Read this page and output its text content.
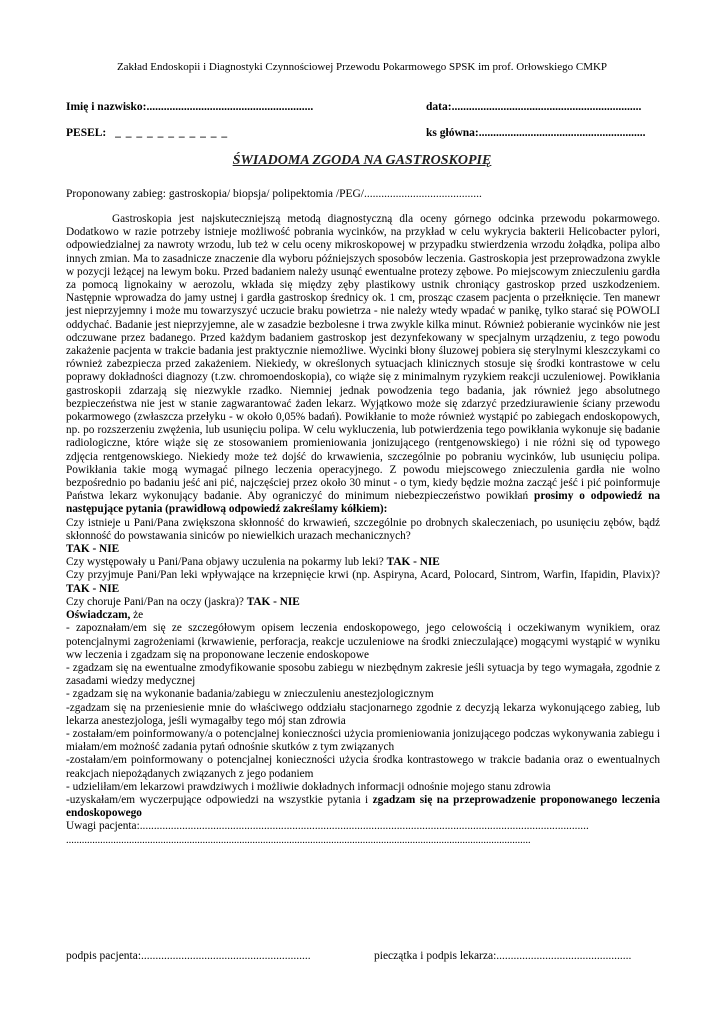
Zakład Endoskopii i Diagnostyki Czynnościowej Przewodu Pokarmowego SPSK im prof. Orłowskiego CMKP
Imię i nazwisko:..........................................................	data:..................................................................
PESEL: _ _ _ _ _ _ _ _ _ _ _	ks główna:..........................................................
ŚWIADOMA ZGODA NA GASTROSKOPIĘ
Proponowany zabieg: gastroskopia/ biopsja/ polipektomia /PEG/.........................................

Gastroskopia jest najskuteczniejszą metodą diagnostyczną dla oceny górnego odcinka przewodu pokarmowego. Dodatkowo w razie potrzeby istnieje możliwość pobrania wycinków, na przykład w celu wykrycia bakterii Helicobacter pylori, odpowiedzialnej za nawroty wrzodu, lub też w celu oceny mikroskopowej w przypadku stwierdzenia wrzodu żołądka, polipa albo innych zmian. Ma to zasadnicze znaczenie dla wyboru późniejszych sposobów leczenia. Gastroskopia jest przeprowadzona zwykle w pozycji leżącej na lewym boku. Przed badaniem należy usunąć ewentualne protezy zębowe. Po miejscowym znieczuleniu gardła za pomocą lignokainy w aerozolu, wkłada się między zęby plastikowy ustnik chroniący gastroskop przed uszkodzeniem. Następnie wprowadza do jamy ustnej i gardła gastroskop średnicy ok. 1 cm, prosząc czasem pacjenta o przełknięcie. Ten manewr jest nieprzyjemny i może mu towarzyszyć uczucie braku powietrza - nie należy wtedy wpadać w panikę, tylko starać się POWOLI oddychać. Badanie jest nieprzyjemne, ale w zasadzie bezbolesne i trwa zwykle kilka minut. Również pobieranie wycinków nie jest odczuwane przez badanego. Przed każdym badaniem gastroskop jest dezynfekowany w specjalnym urządzeniu, z tego powodu zakażenie pacjenta w trakcie badania jest praktycznie niemożliwe. Wycinki błony śluzowej pobiera się sterylnymi kleszczykami co również zabezpiecza przed zakażeniem. Niekiedy, w określonych sytuacjach klinicznych stosuje się środki kontrastowe w celu poprawy dokładności diagnozy (t.zw. chromoendoskopia), co wiąże się z minimalnym ryzykiem reakcji uczuleniowej. Powikłania gastroskopii zdarzają się niezwykle rzadko. Niemniej jednak powodzenia tego badania, jak również jego absolutnego bezpieczeństwa nie jest w stanie zagwarantować żaden lekarz. Wyjątkowo może się zdarzyć przedziurawienie ściany przewodu pokarmowego (zwłaszcza przełyku - w około 0,05% badań). Powikłanie to może również wystąpić po zabiegach endoskopowych, np. po rozszerzeniu zwężenia, lub usunięciu polipa. W celu wykluczenia, lub potwierdzenia tego powikłania wykonuje się badanie radiologiczne, które wiąże się ze stosowaniem promieniowania jonizującego (rentgenowskiego) i nie różni się od typowego zdjęcia rentgenowskiego. Niekiedy może też dojść do krwawienia, szczególnie po pobraniu wycinków, lub usunięciu polipa. Powikłania takie mogą wymagać pilnego leczenia operacyjnego. Z powodu miejscowego znieczulenia gardła nie wolno bezpośrednio po badaniu jeść ani pić, najczęściej przez około 30 minut - o tym, kiedy będzie można zacząć jeść i pić poinformuje Państwa lekarz wykonujący badanie. Aby ograniczyć do minimum niebezpieczeństwo powikłań prosimy o odpowiedź na następujące pytania (prawidłową odpowiedź zakreślamy kółkiem):

Czy istnieje u Pani/Pana zwiększona skłonność do krwawień, szczególnie po drobnych skaleczeniach, po usunięciu zębów, bądź skłonność do powstawania siniców po niewielkich urazach mechanicznych?

TAK - NIE

Czy występowały u Pani/Pana objawy uczulenia na pokarmy lub leki? TAK - NIE

Czy przyjmuje Pani/Pan leki wpływające na krzepnięcie krwi (np. Aspiryna, Acard, Polocard, Sintrom, Warfin, Ifapidin, Plavix)? TAK - NIE

Czy choruje Pani/Pan na oczy (jaskra)? TAK - NIE

Oświadczam, że

- zapoznałam/em się ze szczegółowym opisem leczenia endoskopowego, jego celowością i oczekiwanym wynikiem, oraz potencjalnymi zagrożeniami (krwawienie, perforacja, reakcje uczuleniowe na środki znieczulające) mogącymi wystąpić w wyniku ww leczenia i zgadzam się na proponowane leczenie endoskopowe

- zgadzam się na ewentualne zmodyfikowanie sposobu zabiegu w niezbędnym zakresie jeśli sytuacja by tego wymagała, zgodnie z zasadami wiedzy medycznej

- zgadzam się na wykonanie badania/zabiegu w znieczuleniu anestezjologicznym

-zgadzam się na przeniesienie mnie do właściwego oddziału stacjonarnego zgodnie z decyzją lekarza wykonującego zabieg, lub lekarza anestezjologa, jeśli wymagałby tego mój stan zdrowia

- zostałam/em poinformowany/a o potencjalnej konieczności użycia promieniowania jonizującego podczas wykonywania zabiegu i miałam/em możność zadania pytań odnośnie skutków z tym związanych

-zostałam/em poinformowany o potencjalnej konieczności użycia środka kontrastowego w trakcie badania oraz o ewentualnych reakcjach niepożądanych związanych z jego podaniem

- udzieliłam/em lekarzowi prawdziwych i możliwie dokładnych informacji odnośnie mojego stanu zdrowia

-uzyskałam/em wyczerpujące odpowiedzi na wszystkie pytania i zgadzam się na przeprowadzenie proponowanego leczenia endoskopowego

Uwagi pacjenta:...............................................................................................................................................................

.................................................................................................................................................................................

podpis pacjenta:...........................................................	pieczątka i podpis lekarza:...............................................
